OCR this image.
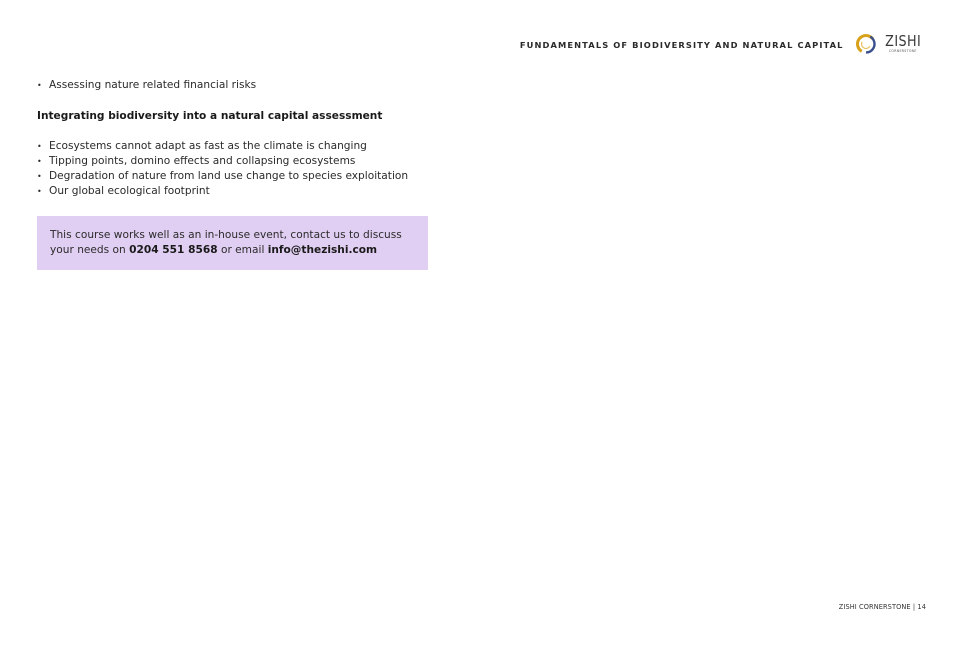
FUNDAMENTALS OF BIODIVERSITY AND NATURAL CAPITAL	ZISHI
CORNERSTONE
• Assessing nature related financial risks
Integrating biodiversity into a natural capital assessment
• Ecosystems cannot adapt as fast as the climate is changing
• Tipping points, domino effects and collapsing ecosystems
• Degradation of nature from land use change to species exploitation
• Our global ecological footprint
This course works well as an in-house event, contact us to discuss your needs on 0204 551 8568 or email info@thezishi.com
ZISHI CORNERSTONE | 14
